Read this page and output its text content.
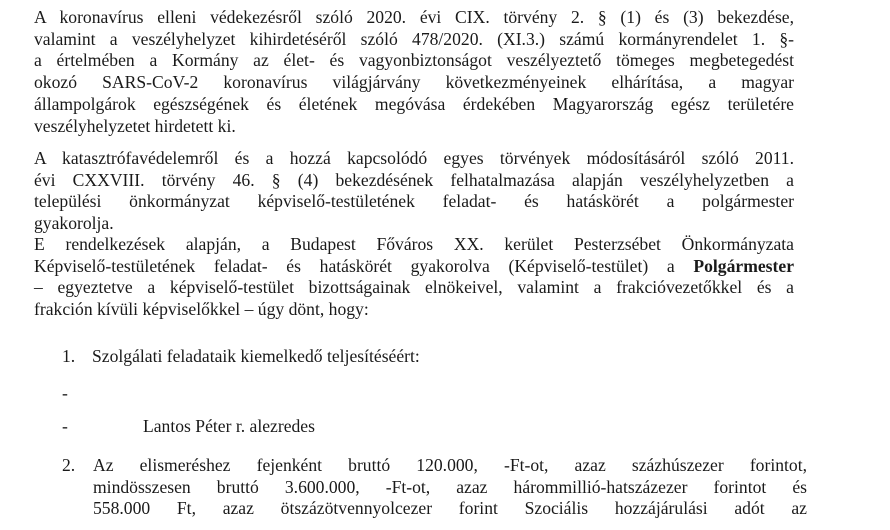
A koronavírus elleni védekezésről szóló 2020. évi CIX. törvény 2. § (1) és (3) bekezdése,
valamint a veszélyhelyzet kihirdetéséről szóló 478/2020. (XI.3.) számú kormányrendelet 1. §-
a értelmében a Kormány az élet- és vagyonbiztonságot veszélyeztető tömeges megbetegedést
okozó SARS-CoV-2 koronavírus világjárvány következményeinek elhárítása, a magyar
állampolgárok egészségének és életének megóvása érdekében Magyarország egész területére
veszélyhelyzetet hirdetett ki.
A katasztrófavédelemről és a hozzá kapcsolódó egyes törvények módosításáról szóló 2011.
évi CXXVIII. törvény 46. § (4) bekezdésének felhatalmazása alapján veszélyhelyzetben a
települési önkormányzat képviselő-testületének feladat- és hatáskörét a polgármester
gyakorolja.
E rendelkezések alapján, a Budapest Főváros XX. kerület Pesterzsébet Önkormányzata
Képviselő-testületének feladat- és hatáskörét gyakorolva (Képviselő-testület) a Polgármester
– egyeztetve a képviselő-testület bizottságainak elnökeivel, valamint a frakcióvezetőkkel és a
frakción kívüli képviselőkkel – úgy dönt, hogy:
1. Szolgálati feladataik kiemelkedő teljesítéséért:
-
-	Lantos Péter r. alezredes
2. Az elismeréshez fejenként bruttó 120.000, -Ft-ot, azaz százhúszezer forintot,
mindösszesen bruttó 3.600.000, -Ft-ot, azaz hárommillió-hatszázezer forintot és
558.000 Ft, azaz ötszázötvennyolcezer forint Szociális hozzájárulási adót az
